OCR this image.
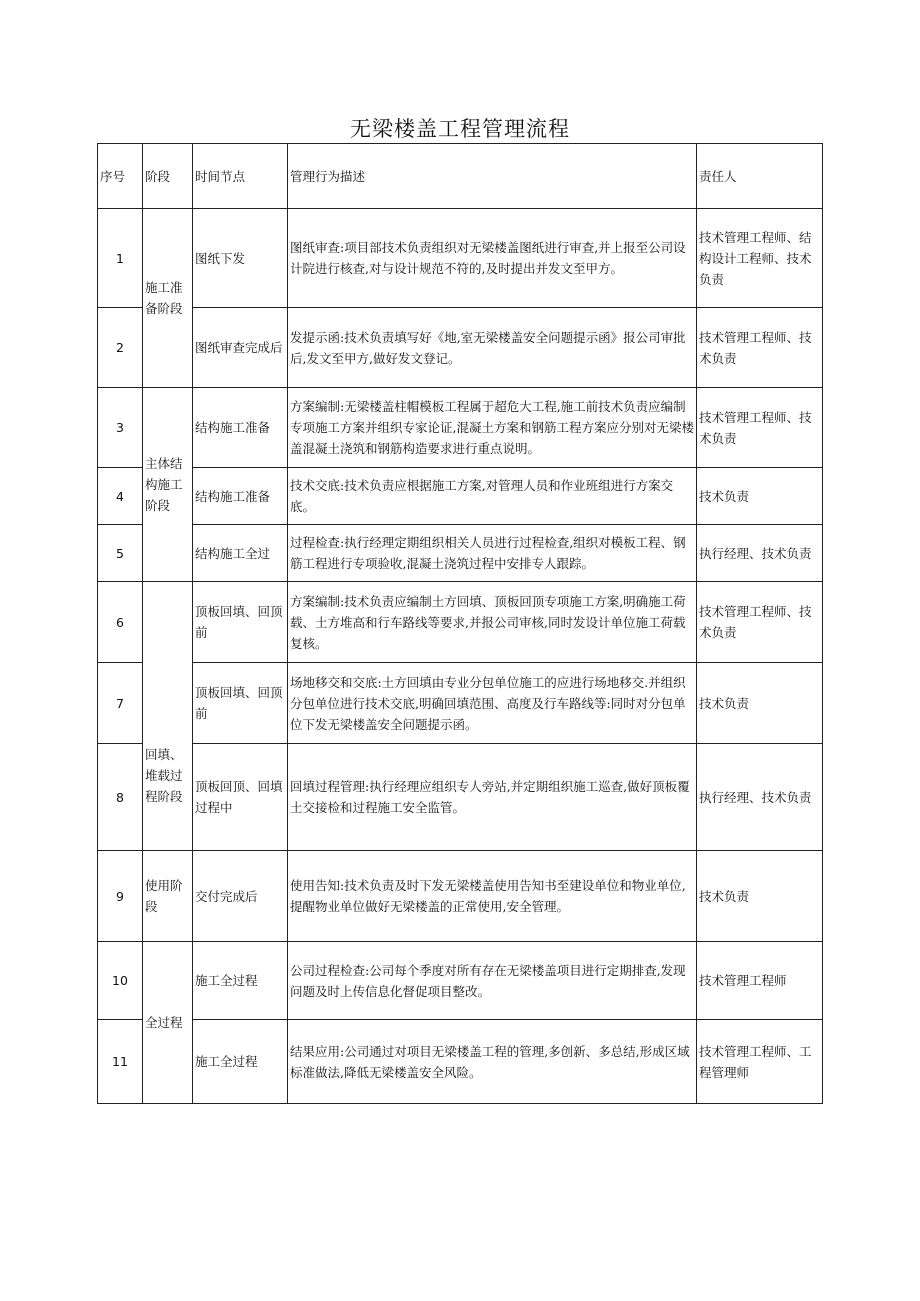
无梁楼盖工程管理流程
序号	阶段	时间节点	管理行为描述	责任人
1	施工准备阶段	图纸下发	图纸审查:项目部技术负责组织对无梁楼盖图纸进行审查,并上报至公司设计院进行核查,对与设计规范不符的,及时提出并发文至甲方。	技术管理工程师、结构设计工程师、技术负责
2		图纸审查完成后	发提示函:技术负责填写好《地,室无梁楼盖安全问题提示函》报公司审批后,发文至甲方,做好发文登记。	技术管理工程师、技术负责
3	主体结构施工阶段	结构施工准备	方案编制:无梁楼盖柱帽模板工程属于超危大工程,施工前技术负责应编制专项施工方案并组织专家论证,混凝土方案和钢筋工程方案应分别对无梁楼盖混凝土浇筑和钢筋构造要求进行重点说明。	技术管理工程师、技术负责
4		结构施工准备	技术交底:技术负责应根据施工方案,对管理人员和作业班组进行方案交底。	技术负责
5		结构施工全过	过程检查:执行经理定期组织相关人员进行过程检查,组织对模板工程、钢筋工程进行专项验收,混凝土浇筑过程中安排专人跟踪。	执行经理、技术负责
6	回填、堆载过程阶段	顶板回填、回顶前	方案编制:技术负责应编制土方回填、顶板回顶专项施工方案,明确施工荷载、土方堆高和行车路线等要求,并报公司审核,同时发设计单位施工荷载复核。	技术管理工程师、技术负责
7		顶板回填、回顶前	场地移交和交底:土方回填由专业分包单位施工的应进行场地移交.并组织分包单位进行技术交底,明确回填范围、高度及行车路线等:同时对分包单位下发无梁楼盖安全问题提示函。	技术负责
8		顶板回顶、回填过程中	回填过程管理:执行经理应组织专人旁站,并定期组织施工巡查,做好顶板覆土交接检和过程施工安全监管。	执行经理、技术负责
9	使用阶段	交付完成后	使用告知:技术负责及时下发无梁楼盖使用告知书至建设单位和物业单位,提醒物业单位做好无梁楼盖的正常使用,安全管理。	技术负责
10	全过程	施工全过程	公司过程检查:公司每个季度对所有存在无梁楼盖项目进行定期排查,发现问题及时上传信息化督促项目整改。	技术管理工程师
11		施工全过程	结果应用:公司通过对项目无梁楼盖工程的管理,多创新、多总结,形成区域标准做法,降低无梁楼盖安全风险。	技术管理工程师、工程管理师
